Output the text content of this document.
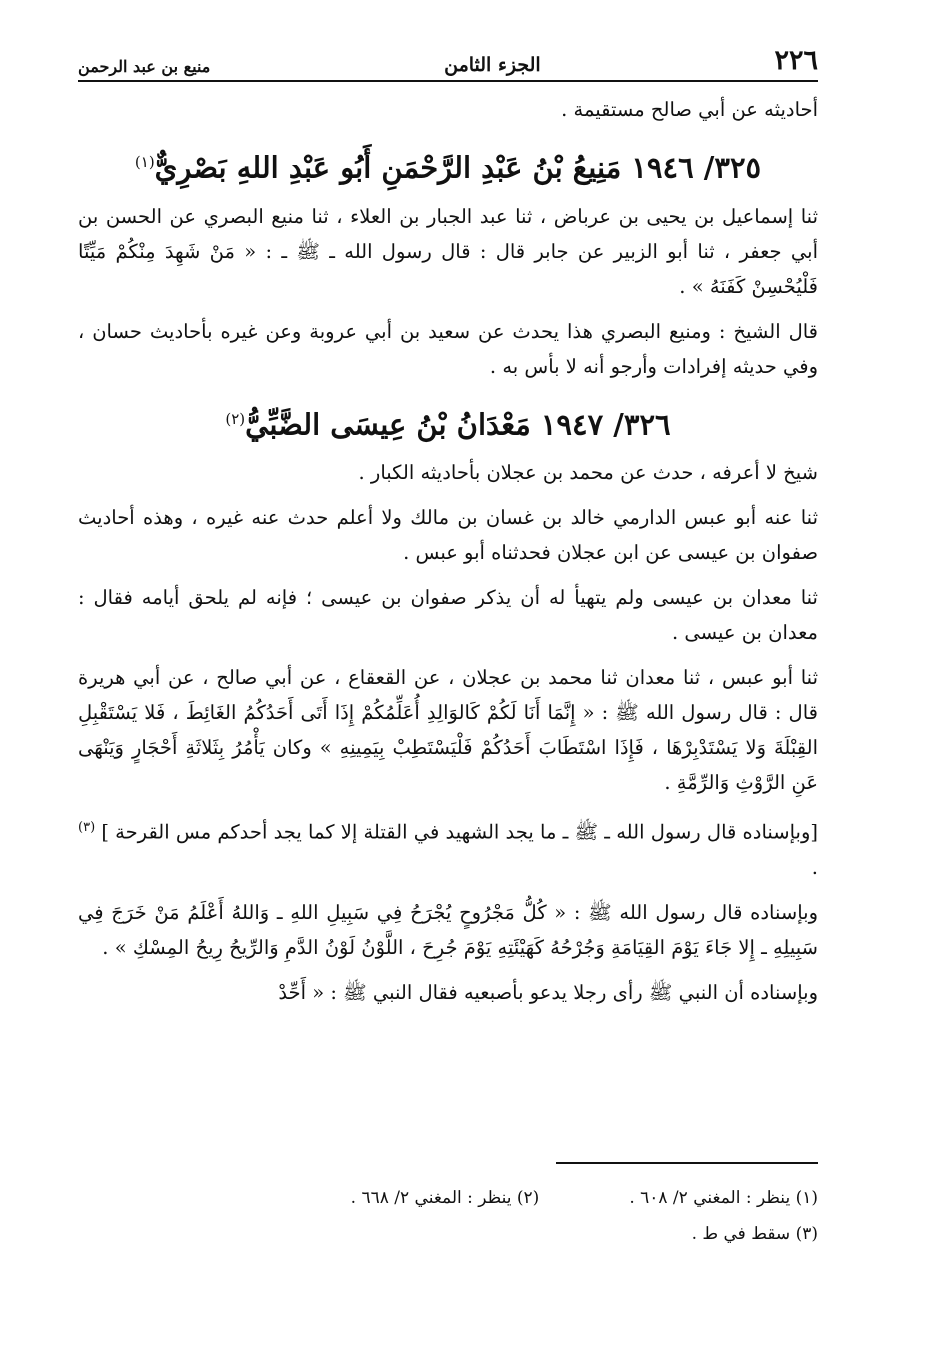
٢٢٦
الجزء الثامن
منيع بن عبد الرحمن

أحاديثه عن أبي صالح مستقيمة .

٣٢٥/ ١٩٤٦ مَنِيعُ بْنُ عَبْدِ الرَّحْمَنِ أَبُو عَبْدِ اللهِ بَصْرِيٌّ$^{(١)}$

ثنا إسماعيل بن يحيى بن عرباض ، ثنا عبد الجبار بن العلاء ، ثنا منيع البصري عن الحسن بن أبي جعفر ، ثنا أبو الزبير عن جابر قال : قال رسول الله ـ ﷺ ـ : « مَنْ شَهِدَ مِنْكُمْ مَيِّتًا فَلْيُحْسِنْ كَفَنَهُ » .

قال الشيخ : ومنيع البصري هذا يحدث عن سعيد بن أبي عروبة وعن غيره بأحاديث حسان ، وفي حديثه إفرادات وأرجو أنه لا بأس به .

٣٢٦/ ١٩٤٧ مَعْدَانُ بْنُ عِيسَى الضَّبِّيُّ$^{(٢)}$

شيخ لا أعرفه ، حدث عن محمد بن عجلان بأحاديثه الكبار .

ثنا عنه أبو عبس الدارمي خالد بن غسان بن مالك ولا أعلم حدث عنه غيره ، وهذه أحاديث صفوان بن عيسى عن ابن عجلان فحدثناه أبو عبس .

ثنا معدان بن عيسى ولم يتهيأ له أن يذكر صفوان بن عيسى ؛ فإنه لم يلحق أيامه فقال : معدان بن عيسى .

ثنا أبو عبس ، ثنا معدان ثنا محمد بن عجلان ، عن القعقاع ، عن أبي صالح ، عن أبي هريرة قال : قال رسول الله ﷺ : « إِنَّمَا أَنَا لَكُمْ كَالوَالِدِ أُعَلِّمُكُمْ إِذَا أَتَى أَحَدُكُمُ الغَائِطَ ، فَلا يَسْتَقْبِلِ القِبْلَةَ وَلا يَسْتَدْبِرْهَا ، فَإِذَا اسْتَطَابَ أَحَدُكُمْ فَلْيَسْتَطِبْ بِيَمِينِهِ » وكان يَأْمُرُ بِثَلاثَةِ أَحْجَارٍ وَيَنْهَى عَنِ الرَّوْثِ وَالرِّمَّةِ .

[وبإسناده قال رسول الله ـ ﷺ ـ ما يجد الشهيد في القتلة إلا كما يجد أحدكم مس القرحة ] $^{(٣)}$ .

وبإسناده قال رسول الله ﷺ : « كُلُّ مَجْرُوحٍ يُجْرَحُ فِي سَبِيلِ اللهِ ـ وَاللهُ أَعْلَمُ مَنْ خَرَجَ فِي سَبِيلِهِ ـ إِلا جَاءَ يَوْمَ القِيَامَةِ وَجُرْحُهُ كَهَيْئَتِهِ يَوْمَ جُرِحَ ، اللَّوْنُ لَوْنُ الدَّمِ وَالرِّيحُ رِيحُ المِسْكِ » .

وبإسناده أن النبي ﷺ رأى رجلا يدعو بأصبعيه فقال النبي ﷺ : « أَحِّدْ

(١) ينظر : المغني ٢/ ٦٠٨ .
(٢) ينظر : المغني ٢/ ٦٦٨ .
(٣) سقط في ط .
